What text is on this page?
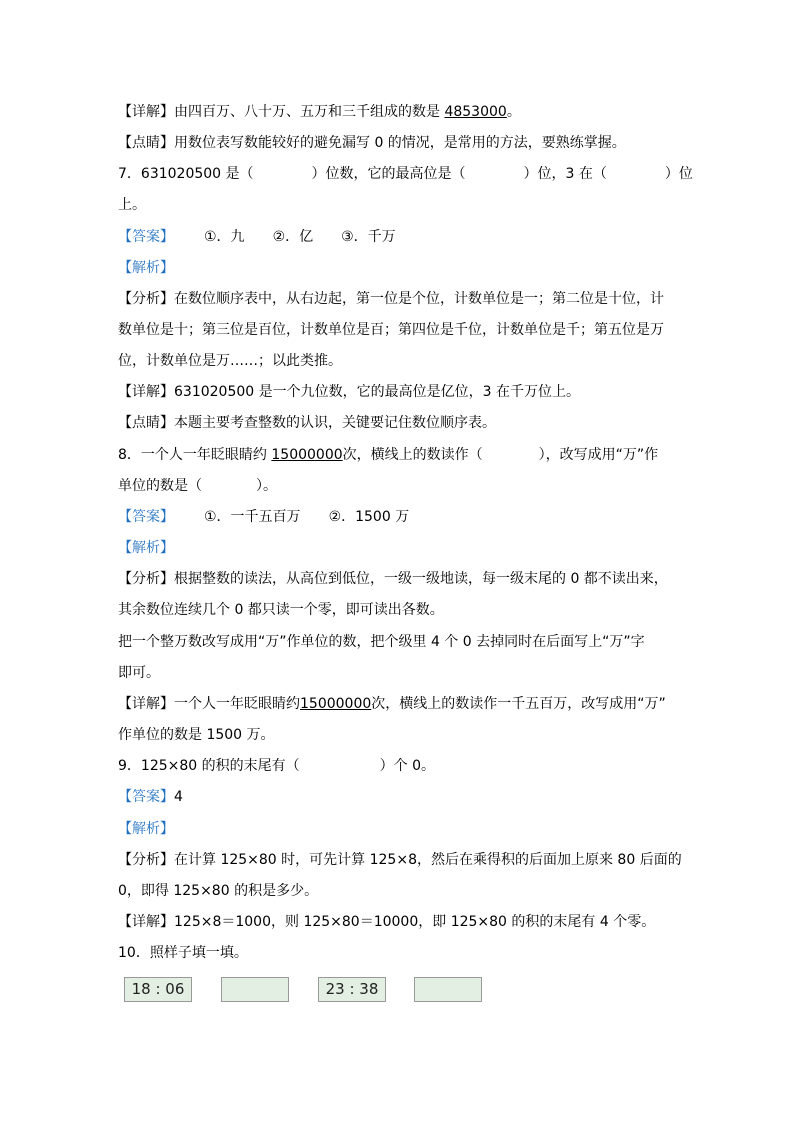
【详解】由四百万、八十万、五万和三千组成的数是 4853000。
【点睛】用数位表写数能较好的避免漏写 0 的情况，是常用的方法，要熟练掌握。
7．631020500 是（	）位数，它的最高位是（	）位，3 在（	）位
上。
【答案】 ①．九 ②．亿 ③．千万
【解析】
【分析】在数位顺序表中，从右边起，第一位是个位，计数单位是一；第二位是十位，计
数单位是十；第三位是百位，计数单位是百；第四位是千位，计数单位是千；第五位是万
位，计数单位是万……；以此类推。
【详解】631020500 是一个九位数，它的最高位是亿位，3 在千万位上。
【点睛】本题主要考查整数的认识，关键要记住数位顺序表。
8．一个人一年眨眼睛约 15000000次，横线上的数读作（	），改写成用“万”作
单位的数是（	）。
【答案】 ①．一千五百万 ②．1500 万
【解析】
【分析】根据整数的读法，从高位到低位，一级一级地读，每一级末尾的 0 都不读出来，
其余数位连续几个 0 都只读一个零，即可读出各数。
把一个整万数改写成用“万”作单位的数，把个级里 4 个 0 去掉同时在后面写上“万”字
即可。
【详解】一个人一年眨眼睛约15000000次，横线上的数读作一千五百万，改写成用“万”
作单位的数是 1500 万。
9．125×80 的积的末尾有（	）个 0。
【答案】4
【解析】
【分析】在计算 125×80 时，可先计算 125×8，然后在乘得积的后面加上原来 80 后面的
0，即得 125×80 的积是多少。
【详解】125×8＝1000，则 125×80＝10000，即 125×80 的积的末尾有 4 个零。
10．照样子填一填。
18 : 06	23 : 38
